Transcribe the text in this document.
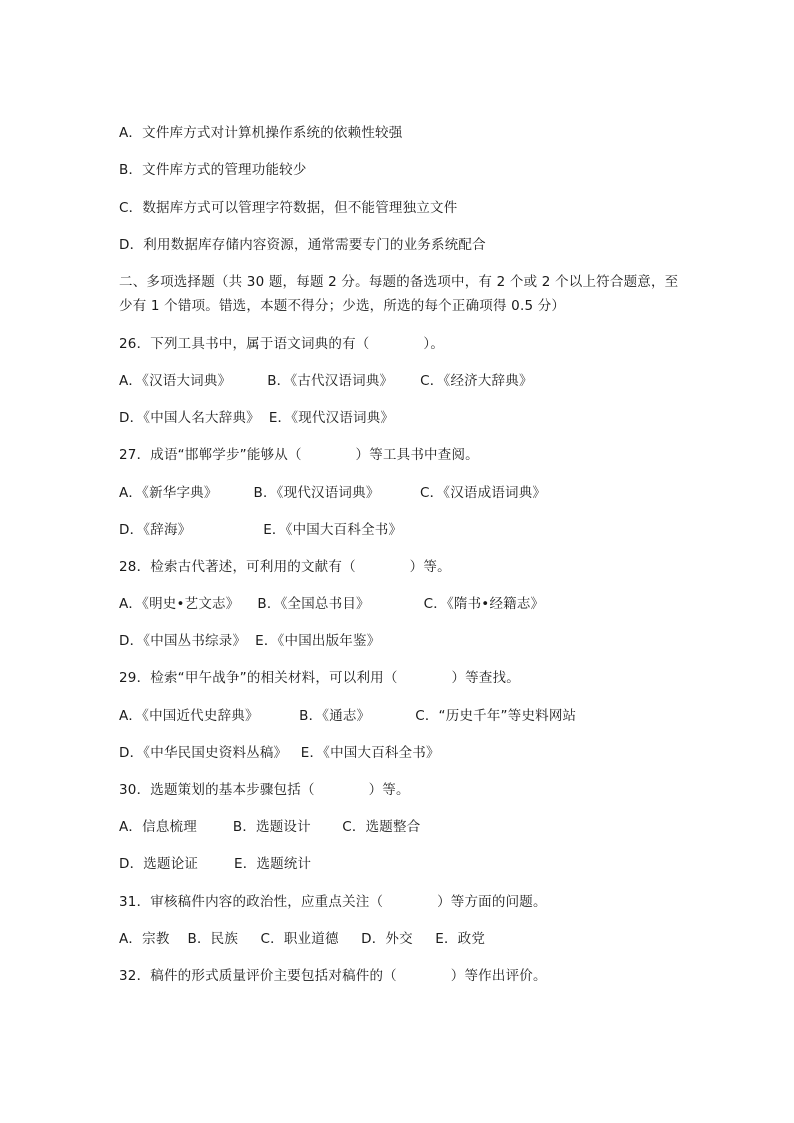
A．文件库方式对计算机操作系统的依赖性较强
B．文件库方式的管理功能较少
C．数据库方式可以管理字符数据，但不能管理独立文件
D．利用数据库存储内容资源，通常需要专门的业务系统配合
二、多项选择题（共 30 题，每题 2 分。每题的备选项中，有 2 个或 2 个以上符合题意，至少有 1 个错项。错选，本题不得分；少选，所选的每个正确项得 0.5 分）
26．下列工具书中，属于语文词典的有（            ）。
A．《汉语大词典》        B．《古代汉语词典》      C．《经济大辞典》
D．《中国人名大辞典》  E．《现代汉语词典》
27．成语“邯郸学步”能够从（            ）等工具书中查阅。
A．《新华字典》        B．《现代汉语词典》         C．《汉语成语词典》
D．《辞海》                E．《中国大百科全书》
28．检索古代著述，可利用的文献有（            ）等。
A．《明史•艺文志》    B．《全国总书目》            C．《隋书•经籍志》
D．《中国丛书综录》  E．《中国出版年鉴》
29．检索“甲午战争”的相关材料，可以利用（            ）等查找。
A．《中国近代史辞典》         B．《通志》          C．“历史千年”等史料网站
D．《中华民国史资料丛稿》   E．《中国大百科全书》
30．选题策划的基本步骤包括（            ）等。
A．信息梳理        B．选题设计       C．选题整合
D．选题论证        E．选题统计
31．审核稿件内容的政治性，应重点关注（            ）等方面的问题。
A．宗教    B．民族     C．职业道德     D．外交     E．政党
32．稿件的形式质量评价主要包括对稿件的（            ）等作出评价。
